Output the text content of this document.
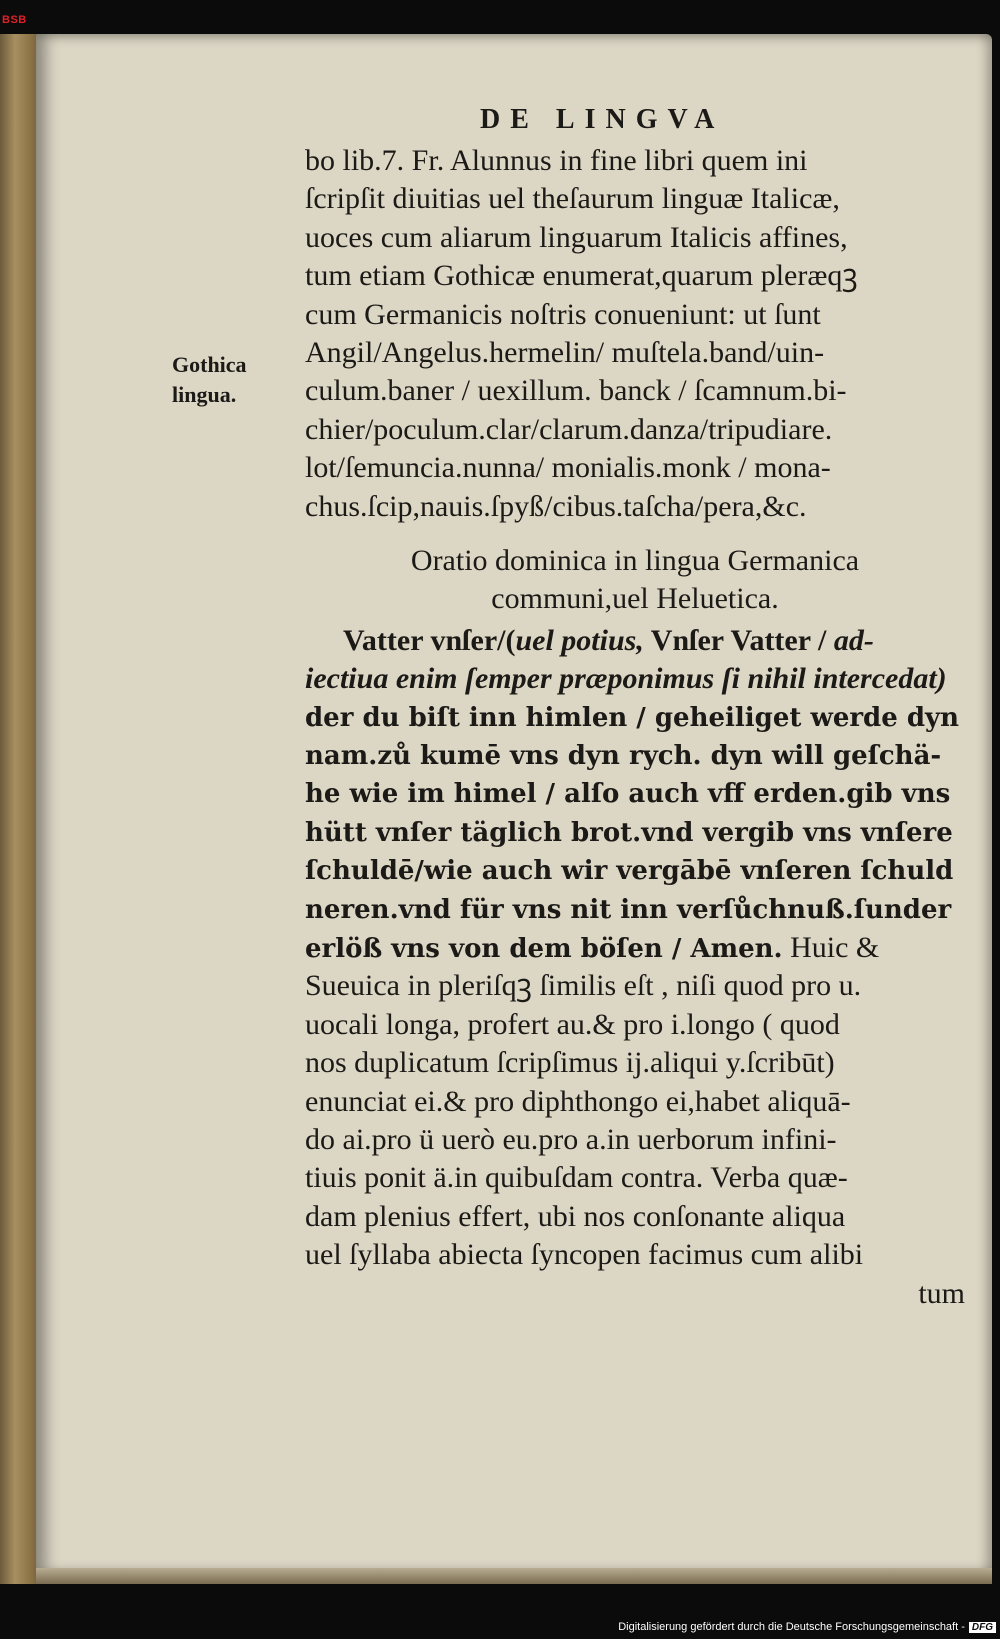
BSB
DE LINGVA
Gothica
lingua.
bo lib.7. Fr. Alunnus in fine libri quem ini
ſcripſit diuitias uel theſaurum linguæ Italicæ,
uoces cum aliarum linguarum Italicis affines,
tum etiam Gothicæ enumerat,quarum pleræqꝫ
cum Germanicis noſtris conueniunt: ut ſunt
Angil/Angelus.hermelin/ muſtela.band/uin-
culum.baner / uexillum. banck / ſcamnum.bi-
chier/poculum.clar/clarum.danza/tripudiare.
lot/ſemuncia.nunna/ monialis.monk / mona-
chus.ſcip,nauis.ſpyß/cibus.taſcha/pera,&c.
Oratio dominica in lingua Germanica
communi,uel Heluetica.
Vatter vnſer/(uel potius, Vnſer Vatter / ad-
iectiua enim ſemper præponimus ſi nihil intercedat)
der du biſt inn himlen / geheiliget werde dyn
nam.zů kumē vns dyn rych. dyn will geſchä-
he wie im himel / alſo auch vff erden.gib vns
hütt vnſer täglich brot.vnd vergib vns vnſere
ſchuldē/wie auch wir vergābē vnſeren ſchuld
neren.vnd für vns nit inn verſůchnuß.ſunder
erlöß vns von dem böſen / Amen. Huic &
Sueuica in pleriſqꝫ ſimilis eſt , niſi quod pro u.
uocali longa, profert au.& pro i.longo ( quod
nos duplicatum ſcripſimus ij.aliqui y.ſcribūt)
enunciat ei.& pro diphthongo ei,habet aliquā-
do ai.pro ü uerò eu.pro a.in uerborum infini-
tiuis ponit ä.in quibuſdam contra. Verba quæ-
dam plenius effert, ubi nos conſonante aliqua
uel ſyllaba abiecta ſyncopen facimus cum alibi
tum
Digitalisierung gefördert durch die Deutsche Forschungsgemeinschaft - DFG
